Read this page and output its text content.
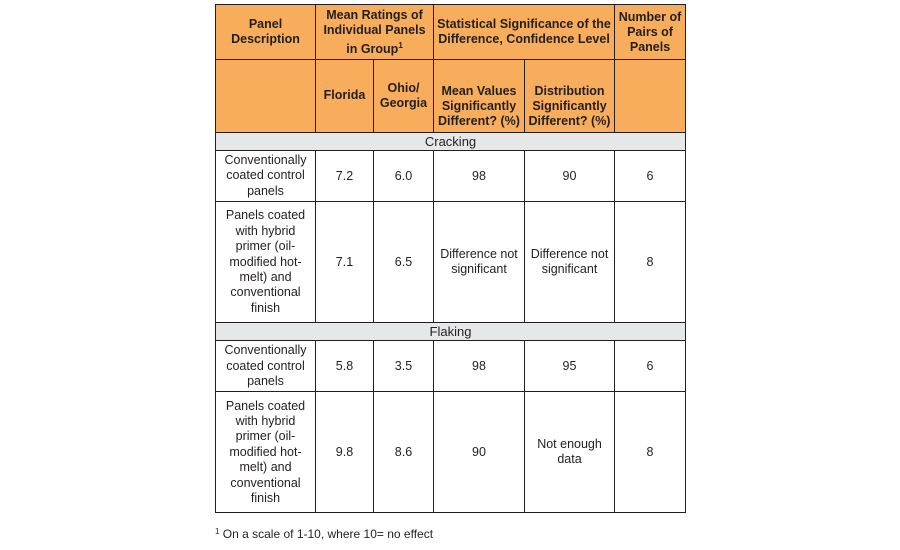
Panel Description	Mean Ratings of Individual Panels in Group$^1$		Statistical Significance of the Difference, Confidence Level		Number of Pairs of Panels
	Florida	Ohio/ Georgia	Mean Values Significantly Different? (%)	Distribution Significantly Different? (%)	
Cracking					
Conventionally coated control panels	7.2	6.0	98	90	6
Panels coated with hybrid primer (oil-modified hot-melt) and conventional finish	7.1	6.5	Difference not significant	Difference not significant	8
Flaking					
Conventionally coated control panels	5.8	3.5	98	95	6
Panels coated with hybrid primer (oil-modified hot-melt) and conventional finish	9.8	8.6	90	Not enough data	8
$^1$ On a scale of 1-10, where 10= no effect
